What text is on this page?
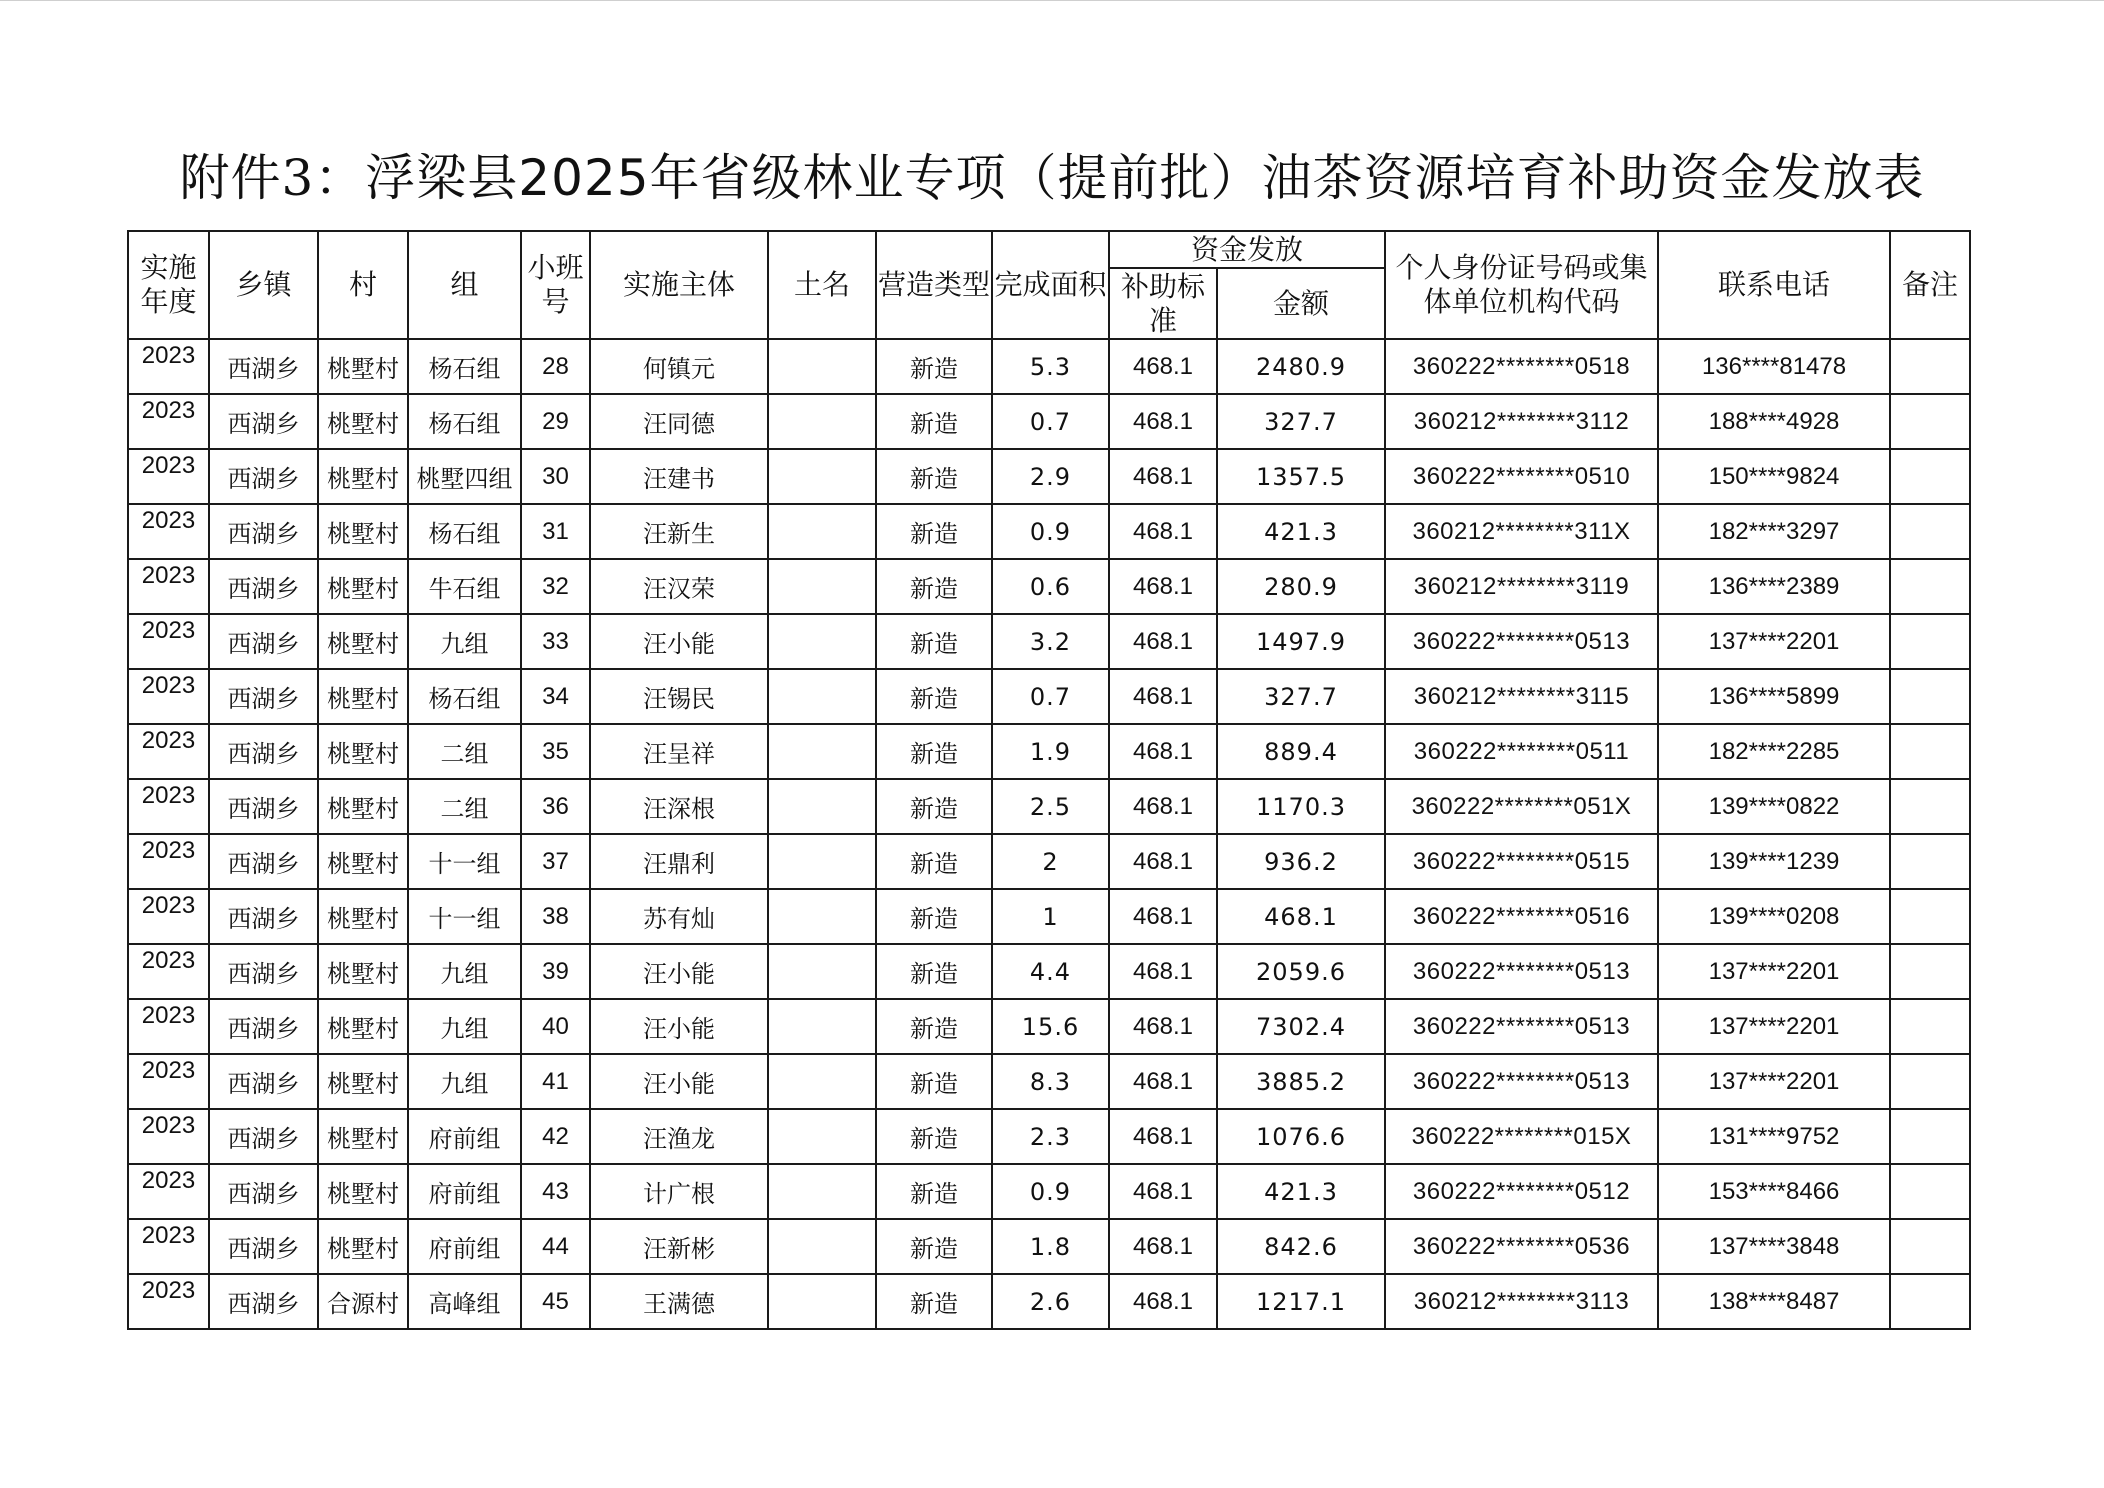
附件3：浮梁县2025年省级林业专项（提前批）油茶资源培育补助资金发放表
实施年度	乡镇	村	组	小班号	实施主体	土名	营造类型	完成面积	资金发放		个人身份证号码或集体单位机构代码	联系电话	备注
									补助标准	金额			
2023	西湖乡	桃墅村	杨石组	28	何镇元		新造	5.3	468.1	2480.9	360222********0518	136****81478	
2023	西湖乡	桃墅村	杨石组	29	汪同德		新造	0.7	468.1	327.7	360212********3112	188****4928	
2023	西湖乡	桃墅村	桃墅四组	30	汪建书		新造	2.9	468.1	1357.5	360222********0510	150****9824	
2023	西湖乡	桃墅村	杨石组	31	汪新生		新造	0.9	468.1	421.3	360212********311X	182****3297	
2023	西湖乡	桃墅村	牛石组	32	汪汉荣		新造	0.6	468.1	280.9	360212********3119	136****2389	
2023	西湖乡	桃墅村	九组	33	汪小能		新造	3.2	468.1	1497.9	360222********0513	137****2201	
2023	西湖乡	桃墅村	杨石组	34	汪锡民		新造	0.7	468.1	327.7	360212********3115	136****5899	
2023	西湖乡	桃墅村	二组	35	汪呈祥		新造	1.9	468.1	889.4	360222********0511	182****2285	
2023	西湖乡	桃墅村	二组	36	汪深根		新造	2.5	468.1	1170.3	360222********051X	139****0822	
2023	西湖乡	桃墅村	十一组	37	汪鼎利		新造	2	468.1	936.2	360222********0515	139****1239	
2023	西湖乡	桃墅村	十一组	38	苏有灿		新造	1	468.1	468.1	360222********0516	139****0208	
2023	西湖乡	桃墅村	九组	39	汪小能		新造	4.4	468.1	2059.6	360222********0513	137****2201	
2023	西湖乡	桃墅村	九组	40	汪小能		新造	15.6	468.1	7302.4	360222********0513	137****2201	
2023	西湖乡	桃墅村	九组	41	汪小能		新造	8.3	468.1	3885.2	360222********0513	137****2201	
2023	西湖乡	桃墅村	府前组	42	汪渔龙		新造	2.3	468.1	1076.6	360222********015X	131****9752	
2023	西湖乡	桃墅村	府前组	43	计广根		新造	0.9	468.1	421.3	360222********0512	153****8466	
2023	西湖乡	桃墅村	府前组	44	汪新彬		新造	1.8	468.1	842.6	360222********0536	137****3848	
2023	西湖乡	合源村	高峰组	45	王满德		新造	2.6	468.1	1217.1	360212********3113	138****8487	
